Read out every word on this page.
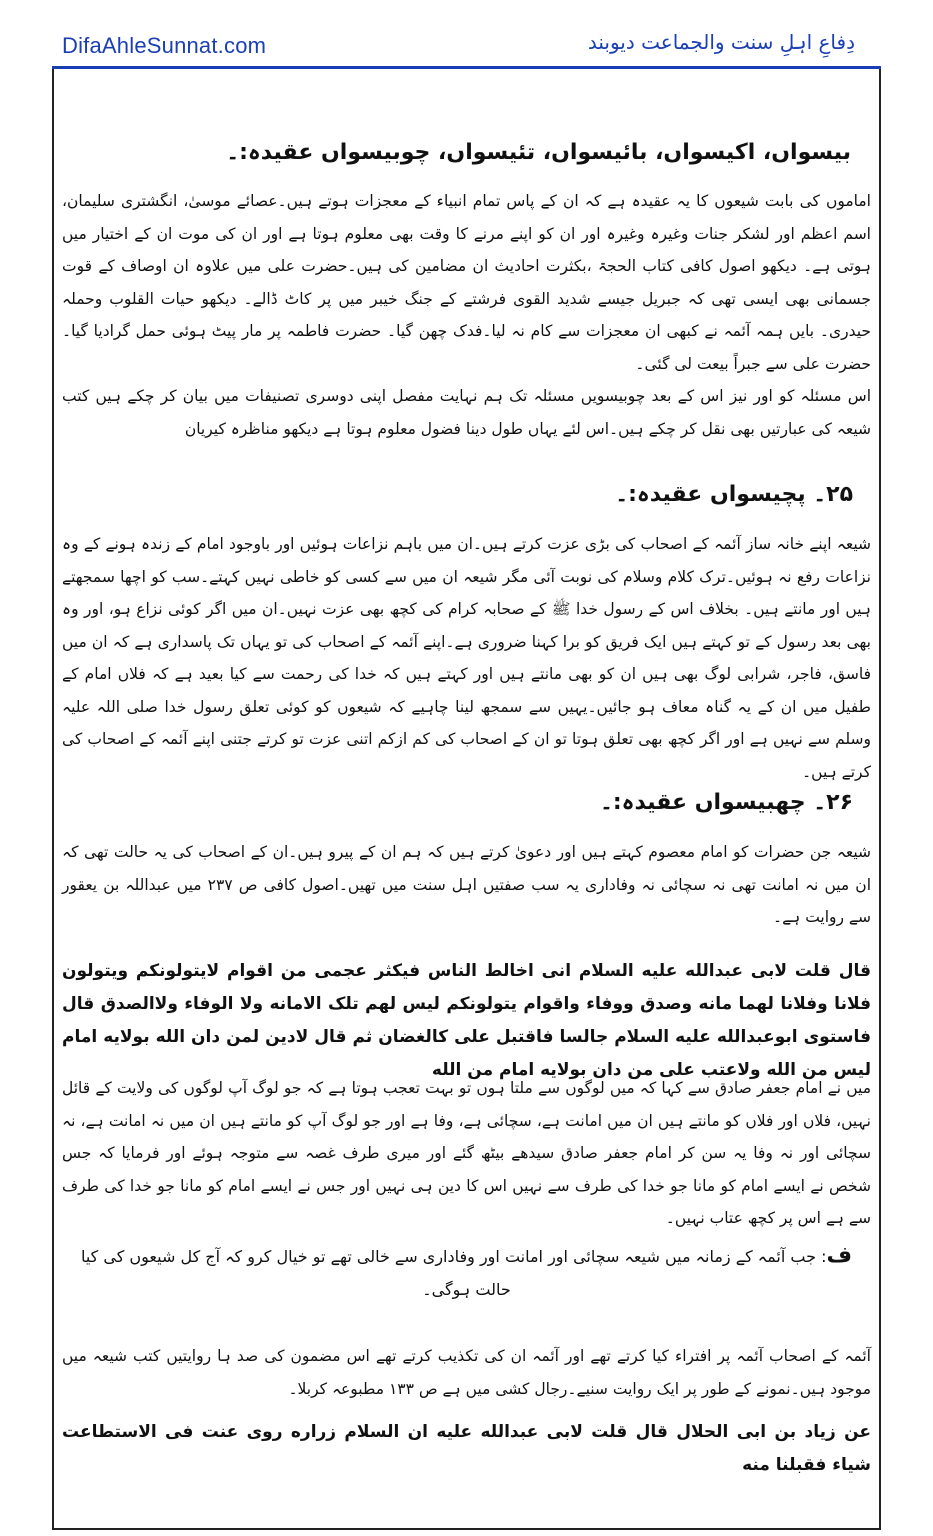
DifaAhleSunnat.com	دِفاعِ اہلِ سنت والجماعت دیوبند
بیسواں، اکیسواں، بائیسواں، تئیسواں، چوبیسواں عقیدہ:۔

اماموں کی بابت شیعوں کا یہ عقیدہ ہے کہ ان کے پاس تمام انبیاء کے معجزات ہوتے ہیں۔عصائے موسیٰ، انگشتری سلیمان، اسم اعظم اور لشکر جنات وغیرہ وغیرہ اور ان کو اپنے مرنے کا وقت بھی معلوم ہوتا ہے اور ان کی موت ان کے اختیار میں ہوتی ہے۔ دیکھو اصول کافی کتاب الحجۃ ،بکثرت احادیث ان مضامین کی ہیں۔حضرت علی میں علاوہ ان اوصاف کے قوت جسمانی بھی ایسی تھی کہ جبریل جیسے شدید القوی فرشتے کے جنگ خیبر میں پر کاٹ ڈالے۔ دیکھو حیات القلوب وحملہ حیدری۔ بایں ہمہ آئمہ نے کبھی ان معجزات سے کام نہ لیا۔فدک چھن گیا۔ حضرت فاطمہ پر مار پیٹ ہوئی حمل گرادیا گیا۔حضرت علی سے جبراً بیعت لی گئی۔

اس مسئلہ کو اور نیز اس کے بعد چوبیسویں مسئلہ تک ہم نہایت مفصل اپنی دوسری تصنیفات میں بیان کر چکے ہیں کتب شیعہ کی عبارتیں بھی نقل کر چکے ہیں۔اس لئے یہاں طول دینا فضول معلوم ہوتا ہے دیکھو مناظرہ کیریان

۲۵۔ پچیسواں عقیدہ:۔

شیعہ اپنے خانہ ساز آئمہ کے اصحاب کی بڑی عزت کرتے ہیں۔ان میں باہم نزاعات ہوئیں اور باوجود امام کے زندہ ہونے کے وہ نزاعات رفع نہ ہوئیں۔ترک کلام وسلام کی نوبت آئی مگر شیعہ ان میں سے کسی کو خاطی نہیں کہتے۔سب کو اچھا سمجھتے ہیں اور مانتے ہیں۔ بخلاف اس کے رسول خدا ﷺ کے صحابہ کرام کی کچھ بھی عزت نہیں۔ان میں اگر کوئی نزاع ہو، اور وہ بھی بعد رسول کے تو کہتے ہیں ایک فریق کو برا کہنا ضروری ہے۔اپنے آئمہ کے اصحاب کی تو یہاں تک پاسداری ہے کہ ان میں فاسق، فاجر، شرابی لوگ بھی ہیں ان کو بھی مانتے ہیں اور کہتے ہیں کہ خدا کی رحمت سے کیا بعید ہے کہ فلاں امام کے طفیل میں ان کے یہ گناہ معاف ہو جائیں۔یہیں سے سمجھ لینا چاہیے کہ شیعوں کو کوئی تعلق رسول خدا صلی اللہ علیہ وسلم سے نہیں ہے اور اگر کچھ بھی تعلق ہوتا تو ان کے اصحاب کی کم ازکم اتنی عزت تو کرتے جتنی اپنے آئمہ کے اصحاب کی کرتے ہیں۔

۲۶۔ چھبیسواں عقیدہ:۔

شیعہ جن حضرات کو امام معصوم کہتے ہیں اور دعویٰ کرتے ہیں کہ ہم ان کے پیرو ہیں۔ان کے اصحاب کی یہ حالت تھی کہ ان میں نہ امانت تھی نہ سچائی نہ وفاداری یہ سب صفتیں اہل سنت میں تھیں۔اصول کافی ص ۲۳۷ میں عبداللہ بن یعقور سے روایت ہے۔

قال قلت لابی عبدالله علیه السلام انی اخالط الناس فیکثر عجمی من اقوام لایتولونکم ویتولون فلانا وفلانا لهما مانه وصدق ووفاء واقوام یتولونکم لیس لهم تلک الامانه ولا الوفاء ولاالصدق قال فاستوی ابوعبدالله علیه السلام جالسا فاقتبل علی کالغضان ثم قال لادین لمن دان الله بولایه امام لیس من الله ولاعتب علی من دان بولایه امام من الله
میں نے امام جعفر صادق سے کہا کہ میں لوگوں سے ملتا ہوں تو بہت تعجب ہوتا ہے کہ جو لوگ آپ لوگوں کی ولایت کے قائل نہیں، فلاں اور فلاں کو مانتے ہیں ان میں امانت ہے، سچائی ہے، وفا ہے اور جو لوگ آپ کو مانتے ہیں ان میں نہ امانت ہے، نہ سچائی اور نہ وفا یہ سن کر امام جعفر صادق سیدھے بیٹھ گئے اور میری طرف غصہ سے متوجہ ہوئے اور فرمایا کہ جس شخص نے ایسے امام کو مانا جو خدا کی طرف سے نہیں اس کا دین ہی نہیں اور جس نے ایسے امام کو مانا جو خدا کی طرف سے ہے اس پر کچھ عتاب نہیں۔
ف: جب آئمہ کے زمانہ میں شیعہ سچائی اور امانت اور وفاداری سے خالی تھے تو خیال کرو کہ آج کل شیعوں کی کیا حالت ہوگی۔
آئمہ کے اصحاب آئمہ پر افتراء کیا کرتے تھے اور آئمہ ان کی تکذیب کرتے تھے اس مضمون کی صد ہا روایتیں کتب شیعہ میں موجود ہیں۔نمونے کے طور پر ایک روایت سنیے۔رجال کشی میں ہے ص ۱۳۳ مطبوعہ کربلا۔
عن زیاد بن ابی الحلال قال قلت لابی عبدالله علیه ان السلام زراره روی عنت فی الاستطاعت شیاء فقبلنا منه
